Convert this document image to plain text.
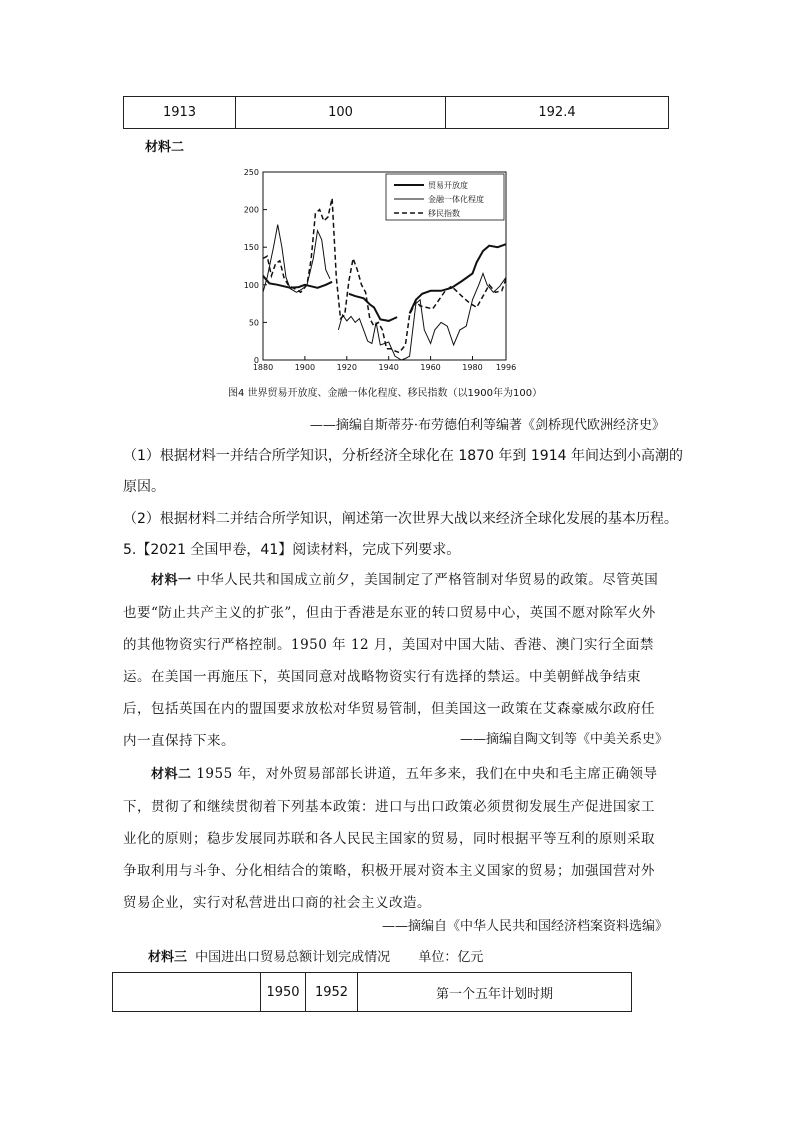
1913	100	192.4
材料二
0
50
100
150
200
250
1880	1900	1920	1940	1960	1980 1996
贸易开放度
金融一体化程度
移民指数
图4 世界贸易开放度、金融一体化程度、移民指数（以1900年为100）
——摘编自斯蒂芬·布劳德伯利等编著《剑桥现代欧洲经济史》
（1）根据材料一并结合所学知识，分析经济全球化在 1870 年到 1914 年间达到小高潮的原因。
（2）根据材料二并结合所学知识，阐述第一次世界大战以来经济全球化发展的基本历程。
5.【2021 全国甲卷，41】阅读材料，完成下列要求。
材料一 中华人民共和国成立前夕，美国制定了严格管制对华贸易的政策。尽管英国也要“防止共产主义的扩张”，但由于香港是东亚的转口贸易中心，英国不愿对除军火外的其他物资实行严格控制。1950 年 12 月，美国对中国大陆、香港、澳门实行全面禁运。在美国一再施压下，英国同意对战略物资实行有选择的禁运。中美朝鲜战争结束后，包括英国在内的盟国要求放松对华贸易管制，但美国这一政策在艾森豪威尔政府任内一直保持下来。	——摘编自陶文钊等《中美关系史》
材料二 1955 年，对外贸易部部长讲道，五年多来，我们在中央和毛主席正确领导下，贯彻了和继续贯彻着下列基本政策：进口与出口政策必须贯彻发展生产促进国家工业化的原则；稳步发展同苏联和各人民民主国家的贸易，同时根据平等互利的原则采取争取利用与斗争、分化相结合的策略，积极开展对资本主义国家的贸易；加强国营对外贸易企业，实行对私营进出口商的社会主义改造。
——摘编自《中华人民共和国经济档案资料选编》
材料三 中国进出口贸易总额计划完成情况 单位：亿元
	1950	1952	第一个五年计划时期
